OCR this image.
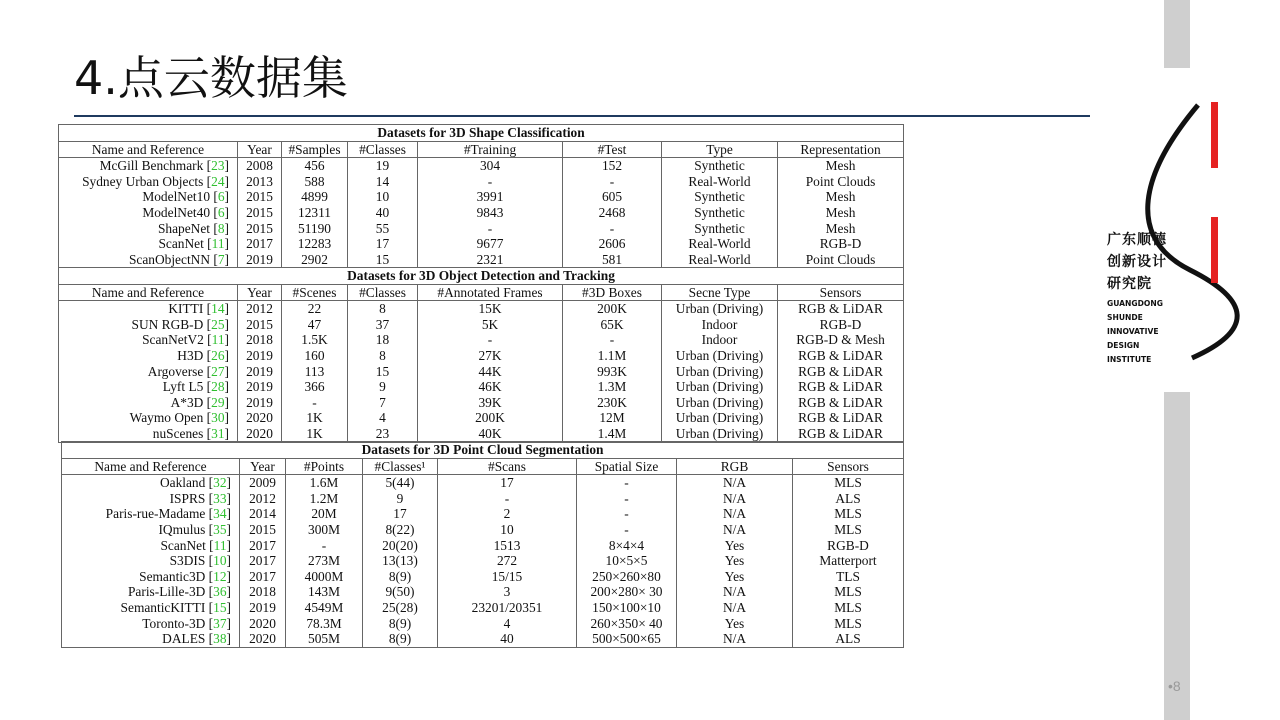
4.点云数据集
广东顺德
创新设计
研究院
GUANGDONG
SHUNDE
INNOVATIVE
DESIGN
INSTITUTE
Datasets for 3D Shape Classification							
Name and Reference	Year	#Samples	#Classes	#Training	#Test	Type	Representation
McGill Benchmark [23]	2008	456	19	304	152	Synthetic	Mesh
Sydney Urban Objects [24]	2013	588	14	-	-	Real-World	Point Clouds
ModelNet10 [6]	2015	4899	10	3991	605	Synthetic	Mesh
ModelNet40 [6]	2015	12311	40	9843	2468	Synthetic	Mesh
ShapeNet [8]	2015	51190	55	-	-	Synthetic	Mesh
ScanNet [11]	2017	12283	17	9677	2606	Real-World	RGB-D
ScanObjectNN [7]	2019	2902	15	2321	581	Real-World	Point Clouds
Datasets for 3D Object Detection and Tracking							
Name and Reference	Year	#Scenes	#Classes	#Annotated Frames	#3D Boxes	Secne Type	Sensors
KITTI [14]	2012	22	8	15K	200K	Urban (Driving)	RGB & LiDAR
SUN RGB-D [25]	2015	47	37	5K	65K	Indoor	RGB-D
ScanNetV2 [11]	2018	1.5K	18	-	-	Indoor	RGB-D & Mesh
H3D [26]	2019	160	8	27K	1.1M	Urban (Driving)	RGB & LiDAR
Argoverse [27]	2019	113	15	44K	993K	Urban (Driving)	RGB & LiDAR
Lyft L5 [28]	2019	366	9	46K	1.3M	Urban (Driving)	RGB & LiDAR
A*3D [29]	2019	-	7	39K	230K	Urban (Driving)	RGB & LiDAR
Waymo Open [30]	2020	1K	4	200K	12M	Urban (Driving)	RGB & LiDAR
nuScenes [31]	2020	1K	23	40K	1.4M	Urban (Driving)	RGB & LiDAR
Datasets for 3D Point Cloud Segmentation							
Name and Reference	Year	#Points	#Classes¹	#Scans	Spatial Size	RGB	Sensors
Oakland [32]	2009	1.6M	5(44)	17	-	N/A	MLS
ISPRS [33]	2012	1.2M	9	-	-	N/A	ALS
Paris-rue-Madame [34]	2014	20M	17	2	-	N/A	MLS
IQmulus [35]	2015	300M	8(22)	10	-	N/A	MLS
ScanNet [11]	2017	-	20(20)	1513	8×4×4	Yes	RGB-D
S3DIS [10]	2017	273M	13(13)	272	10×5×5	Yes	Matterport
Semantic3D [12]	2017	4000M	8(9)	15/15	250×260×80	Yes	TLS
Paris-Lille-3D [36]	2018	143M	9(50)	3	200×280× 30	N/A	MLS
SemanticKITTI [15]	2019	4549M	25(28)	23201/20351	150×100×10	N/A	MLS
Toronto-3D [37]	2020	78.3M	8(9)	4	260×350× 40	Yes	MLS
DALES [38]	2020	505M	8(9)	40	500×500×65	N/A	ALS
•8
